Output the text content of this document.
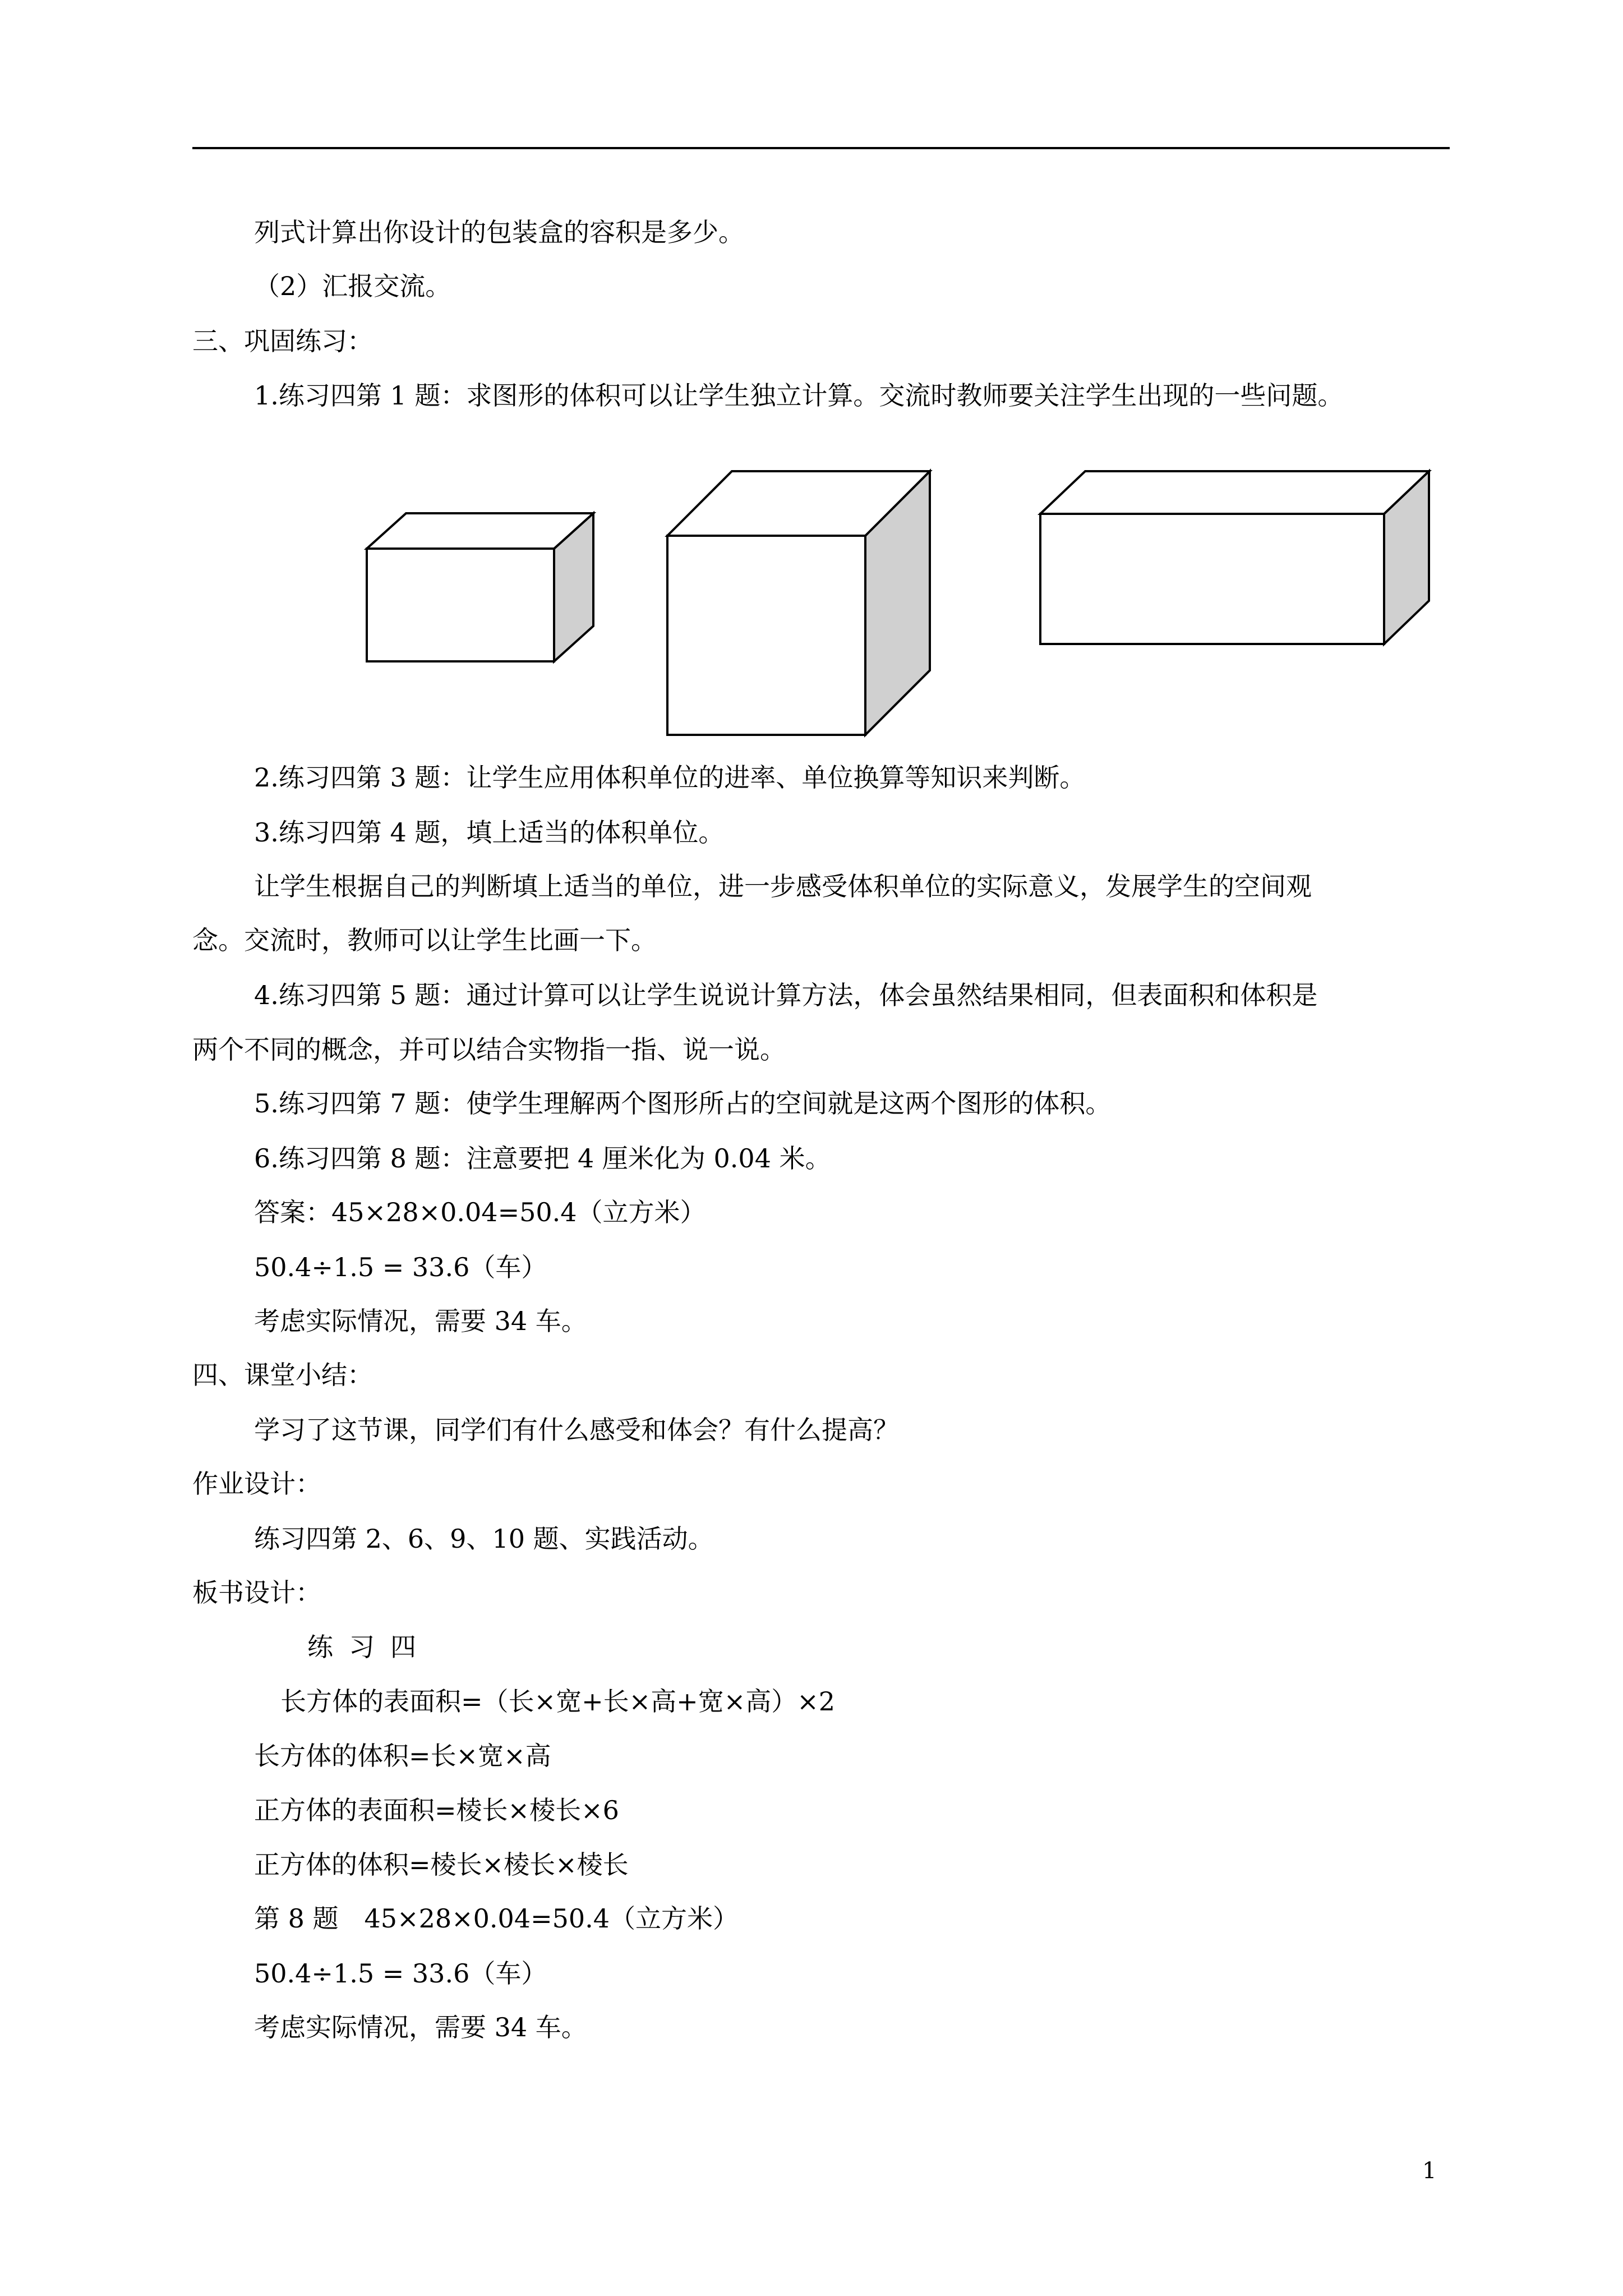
列式计算出你设计的包装盒的容积是多少。
（2）汇报交流。
三、巩固练习：
1.练习四第 1 题：求图形的体积可以让学生独立计算。交流时教师要关注学生出现的一些问题。
2.练习四第 3 题：让学生应用体积单位的进率、单位换算等知识来判断。
3.练习四第 4 题，填上适当的体积单位。
让学生根据自己的判断填上适当的单位，进一步感受体积单位的实际意义，发展学生的空间观
念。交流时，教师可以让学生比画一下。
4.练习四第 5 题：通过计算可以让学生说说计算方法，体会虽然结果相同，但表面积和体积是
两个不同的概念，并可以结合实物指一指、说一说。
5.练习四第 7 题：使学生理解两个图形所占的空间就是这两个图形的体积。
6.练习四第 8 题：注意要把 4 厘米化为 0.04 米。
答案：45×28×0.04=50.4（立方米）
50.4÷1.5 = 33.6（车）
考虑实际情况，需要 34 车。
四、课堂小结：
学习了这节课，同学们有什么感受和体会？有什么提高？
作业设计：
练习四第 2、6、9、10 题、实践活动。
板书设计：
练习四
长方体的表面积=（长×宽+长×高+宽×高）×2
长方体的体积=长×宽×高
正方体的表面积=棱长×棱长×6
正方体的体积=棱长×棱长×棱长
第 8 题　45×28×0.04=50.4（立方米）
50.4÷1.5 = 33.6（车）
考虑实际情况，需要 34 车。
1
